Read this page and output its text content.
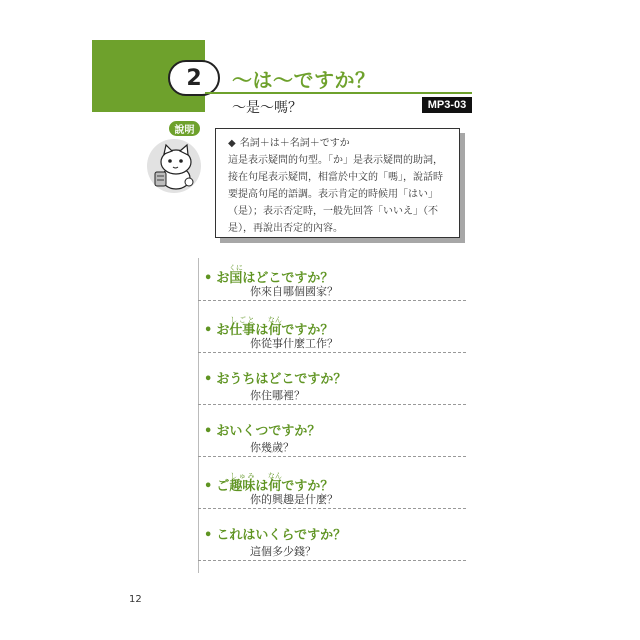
2	〜は〜ですか？
〜是〜嗎？	MP3-03
說明
◆ 名詞＋は＋名詞＋ですか

這是表示疑問的句型。「か」是表示疑問的助詞，接在句尾表示疑問，相當於中文的「嗎」，說話時要提高句尾的語調。表示肯定的時候用「はい」（是）；表示否定時，一般先回答「いいえ」（不是），再說出否定的內容。

• お国くにはどこですか？
你來自哪個國家？
• お仕事しごとは何なんですか？
你從事什麼工作？
• おうちはどこですか？
你住哪裡？
• おいくつですか？
你幾歲？
• ご趣味しゅみは何なんですか？
你的興趣是什麼？
• これはいくらですか？
這個多少錢？
12
